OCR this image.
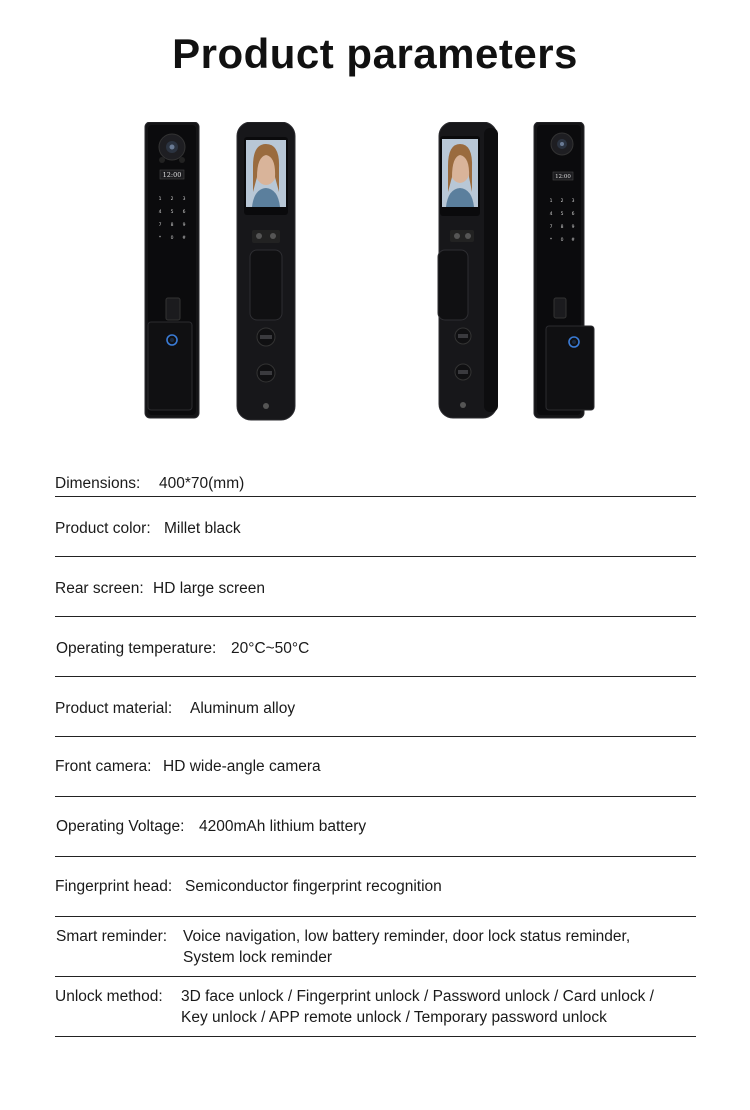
Product parameters
12:00
1 2 3
4 5 6
7 8 9
* 0 #
12:00
1 2 3
4 5 6
7 8 9
* 0 #
Dimensions: 400*70(mm)
Product color: Millet black
Rear screen: HD large screen
Operating temperature: 20°C~50°C
Product material: Aluminum alloy
Front camera: HD wide-angle camera
Operating Voltage: 4200mAh lithium battery
Fingerprint head: Semiconductor fingerprint recognition
Smart reminder: Voice navigation, low battery reminder, door lock status reminder,
System lock reminder
Unlock method: 3D face unlock / Fingerprint unlock / Password unlock / Card unlock /
Key unlock / APP remote unlock / Temporary password unlock
